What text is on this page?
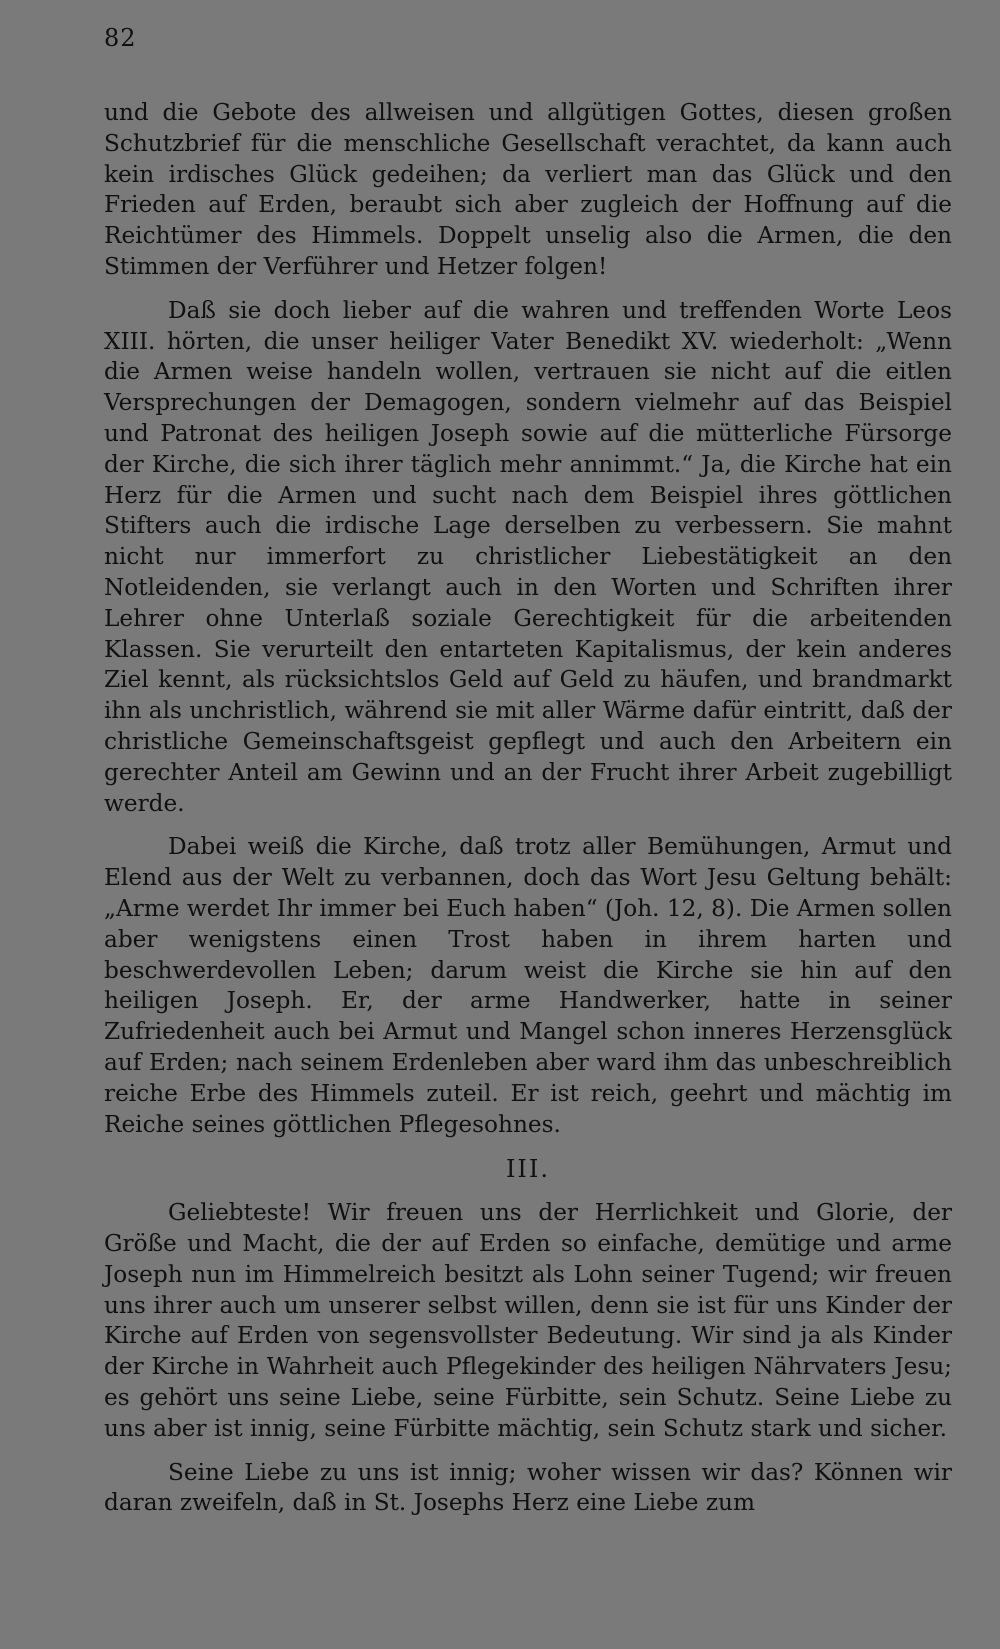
82

und die Gebote des allweisen und allgütigen Gottes, diesen großen Schutzbrief für die menschliche Gesellschaft verachtet, da kann auch kein irdisches Glück gedeihen; da verliert man das Glück und den Frieden auf Erden, beraubt sich aber zugleich der Hoffnung auf die Reichtümer des Himmels. Doppelt unselig also die Armen, die den Stimmen der Verführer und Hetzer folgen!

Daß sie doch lieber auf die wahren und treffenden Worte Leos XIII. hörten, die unser heiliger Vater Benedikt XV. wiederholt: „Wenn die Armen weise handeln wollen, vertrauen sie nicht auf die eitlen Versprechungen der Demagogen, sondern vielmehr auf das Beispiel und Patronat des heiligen Joseph sowie auf die mütterliche Fürsorge der Kirche, die sich ihrer täglich mehr annimmt.“ Ja, die Kirche hat ein Herz für die Armen und sucht nach dem Beispiel ihres göttlichen Stifters auch die irdische Lage derselben zu verbessern. Sie mahnt nicht nur immerfort zu christlicher Liebestätigkeit an den Notleidenden, sie verlangt auch in den Worten und Schriften ihrer Lehrer ohne Unterlaß soziale Gerechtigkeit für die arbeitenden Klassen. Sie verurteilt den entarteten Kapitalismus, der kein anderes Ziel kennt, als rücksichtslos Geld auf Geld zu häufen, und brandmarkt ihn als unchristlich, während sie mit aller Wärme dafür eintritt, daß der christliche Gemeinschaftsgeist gepflegt und auch den Arbeitern ein gerechter Anteil am Gewinn und an der Frucht ihrer Arbeit zugebilligt werde.

Dabei weiß die Kirche, daß trotz aller Bemühungen, Armut und Elend aus der Welt zu verbannen, doch das Wort Jesu Geltung behält: „Arme werdet Ihr immer bei Euch haben“ (Joh. 12, 8). Die Armen sollen aber wenigstens einen Trost haben in ihrem harten und beschwerdevollen Leben; darum weist die Kirche sie hin auf den heiligen Joseph. Er, der arme Handwerker, hatte in seiner Zufriedenheit auch bei Armut und Mangel schon inneres Herzensglück auf Erden; nach seinem Erdenleben aber ward ihm das unbeschreiblich reiche Erbe des Himmels zuteil. Er ist reich, geehrt und mächtig im Reiche seines göttlichen Pflegesohnes.

III.

Geliebteste! Wir freuen uns der Herrlichkeit und Glorie, der Größe und Macht, die der auf Erden so einfache, demütige und arme Joseph nun im Himmelreich besitzt als Lohn seiner Tugend; wir freuen uns ihrer auch um unserer selbst willen, denn sie ist für uns Kinder der Kirche auf Erden von segensvollster Bedeutung. Wir sind ja als Kinder der Kirche in Wahrheit auch Pflegekinder des heiligen Nährvaters Jesu; es gehört uns seine Liebe, seine Fürbitte, sein Schutz. Seine Liebe zu uns aber ist innig, seine Fürbitte mächtig, sein Schutz stark und sicher.

Seine Liebe zu uns ist innig; woher wissen wir das? Können wir daran zweifeln, daß in St. Josephs Herz eine Liebe zum
